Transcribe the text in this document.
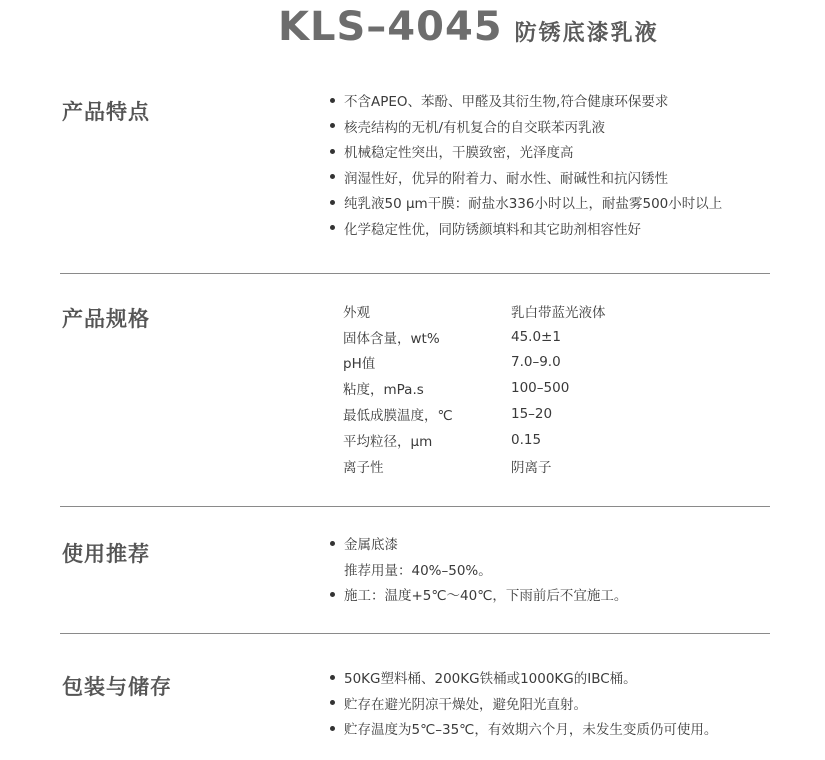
KLS–4045 防锈底漆乳液
产品特点	不含APEO、苯酚、甲醛及其衍生物,符合健康环保要求
核壳结构的无机/有机复合的自交联苯丙乳液
机械稳定性突出，干膜致密，光泽度高
润湿性好，优异的附着力、耐水性、耐碱性和抗闪锈性
纯乳液50 μm干膜：耐盐水336小时以上，耐盐雾500小时以上
化学稳定性优，同防锈颜填料和其它助剂相容性好
产品规格	外观	乳白带蓝光液体
固体含量，wt%	45.0±1
pH值	7.0–9.0
粘度，mPa.s	100–500
最低成膜温度，℃	15–20
平均粒径，μm	0.15
离子性	阴离子
使用推荐	金属底漆
推荐用量：40%–50%。
施工：温度+5℃～40℃，下雨前后不宜施工。
包装与储存	50KG塑料桶、200KG铁桶或1000KG的IBC桶。
贮存在避光阴凉干燥处，避免阳光直射。
贮存温度为5℃–35℃，有效期六个月，未发生变质仍可使用。
